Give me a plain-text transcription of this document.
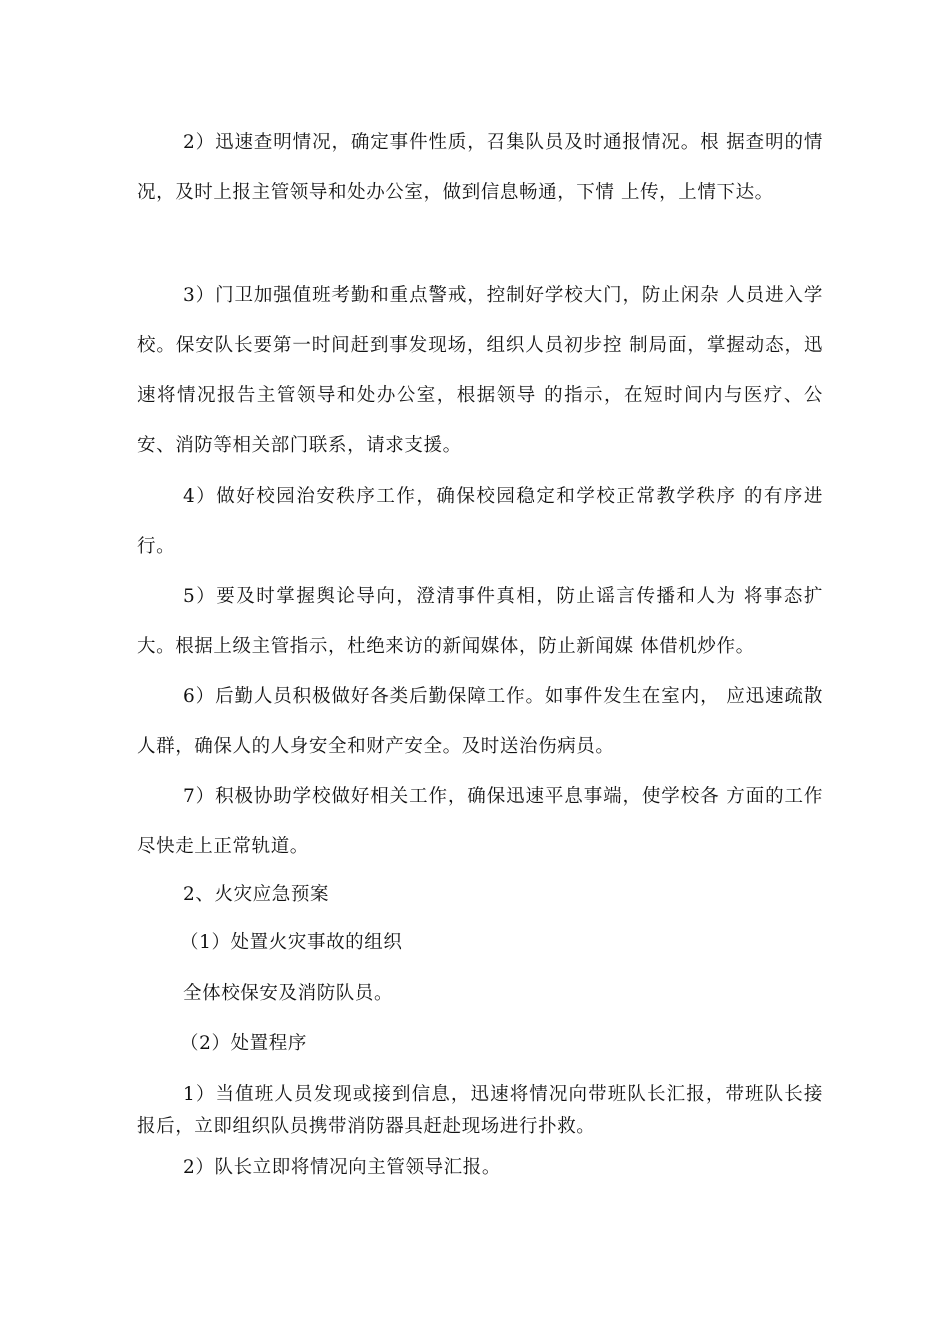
2）迅速查明情况，确定事件性质，召集队员及时通报情况。根 据查明的情况，及时上报主管领导和处办公室，做到信息畅通，下情 上传，上情下达。

3）门卫加强值班考勤和重点警戒，控制好学校大门，防止闲杂 人员进入学校。保安队长要第一时间赶到事发现场，组织人员初步控 制局面，掌握动态，迅速将情况报告主管领导和处办公室，根据领导 的指示，在短时间内与医疗、公安、消防等相关部门联系，请求支援。

4）做好校园治安秩序工作，确保校园稳定和学校正常教学秩序 的有序进行。

5）要及时掌握舆论导向，澄清事件真相，防止谣言传播和人为 将事态扩大。根据上级主管指示，杜绝来访的新闻媒体，防止新闻媒 体借机炒作。

6）后勤人员积极做好各类后勤保障工作。如事件发生在室内， 应迅速疏散人群，确保人的人身安全和财产安全。及时送治伤病员。

7）积极协助学校做好相关工作，确保迅速平息事端，使学校各 方面的工作尽快走上正常轨道。

2、火灾应急预案

（1）处置火灾事故的组织

全体校保安及消防队员。

（2）处置程序

1）当值班人员发现或接到信息，迅速将情况向带班队长汇报，带班队长接报后，立即组织队员携带消防器具赶赴现场进行扑救。

2）队长立即将情况向主管领导汇报。
